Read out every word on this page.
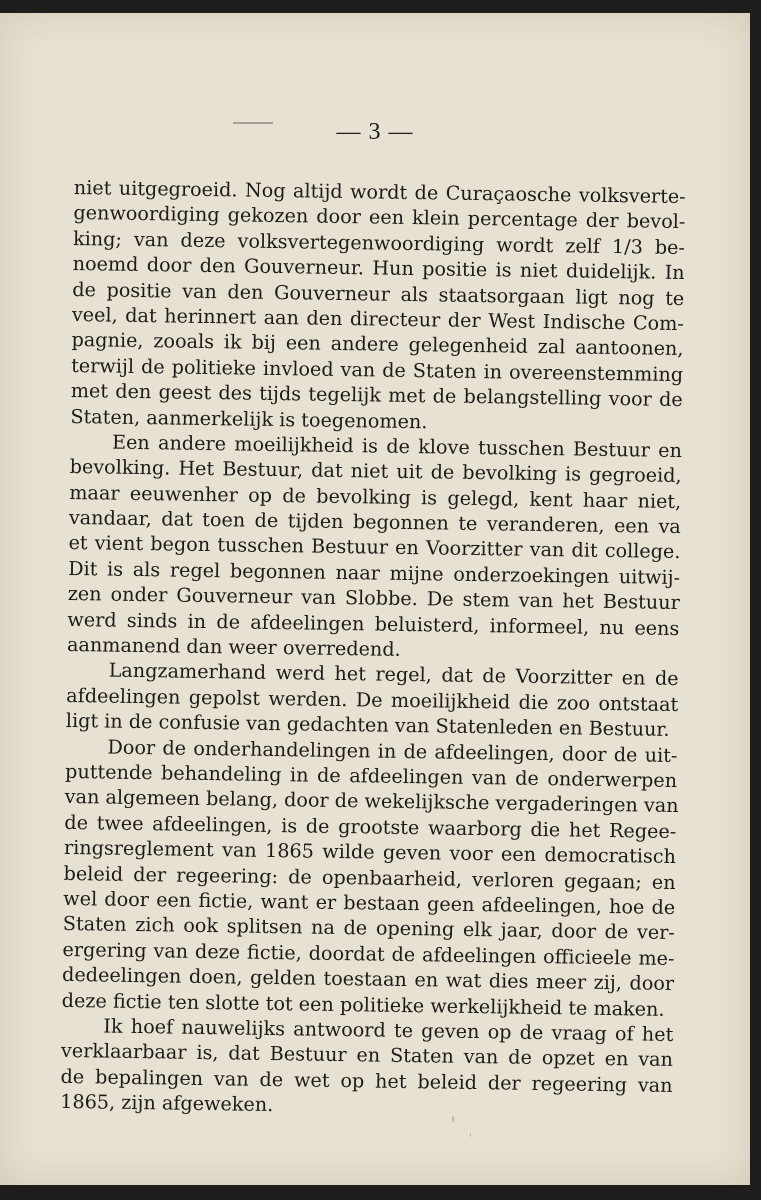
— 3 —
niet uitgegroeid. Nog altijd wordt de Curaçaosche volksverte-
genwoordiging gekozen door een klein percentage der bevol-
king; van deze volksvertegenwoordiging wordt zelf 1/3 be-
noemd door den Gouverneur. Hun positie is niet duidelijk. In
de positie van den Gouverneur als staatsorgaan ligt nog te
veel, dat herinnert aan den directeur der West Indische Com-
pagnie, zooals ik bij een andere gelegenheid zal aantoonen,
terwijl de politieke invloed van de Staten in overeenstemming
met den geest des tijds tegelijk met de belangstelling voor de
Staten, aanmerkelijk is toegenomen.
Een andere moeilijkheid is de klove tusschen Bestuur en
bevolking. Het Bestuur, dat niet uit de bevolking is gegroeid,
maar eeuwenher op de bevolking is gelegd, kent haar niet,
vandaar, dat toen de tijden begonnen te veranderen, een va
et vient begon tusschen Bestuur en Voorzitter van dit college.
Dit is als regel begonnen naar mijne onderzoekingen uitwij-
zen onder Gouverneur van Slobbe. De stem van het Bestuur
werd sinds in de afdeelingen beluisterd, informeel, nu eens
aanmanend dan weer overredend.
Langzamerhand werd het regel, dat de Voorzitter en de
afdeelingen gepolst werden. De moeilijkheid die zoo ontstaat
ligt in de confusie van gedachten van Statenleden en Bestuur.
Door de onderhandelingen in de afdeelingen, door de uit-
puttende behandeling in de afdeelingen van de onderwerpen
van algemeen belang, door de wekelijksche vergaderingen van
de twee afdeelingen, is de grootste waarborg die het Regee-
ringsreglement van 1865 wilde geven voor een democratisch
beleid der regeering: de openbaarheid, verloren gegaan; en
wel door een fictie, want er bestaan geen afdeelingen, hoe de
Staten zich ook splitsen na de opening elk jaar, door de ver-
ergering van deze fictie, doordat de afdeelingen officieele me-
dedeelingen doen, gelden toestaan en wat dies meer zij, door
deze fictie ten slotte tot een politieke werkelijkheid te maken.
Ik hoef nauwelijks antwoord te geven op de vraag of het
verklaarbaar is, dat Bestuur en Staten van de opzet en van
de bepalingen van de wet op het beleid der regeering van
1865, zijn afgeweken.
